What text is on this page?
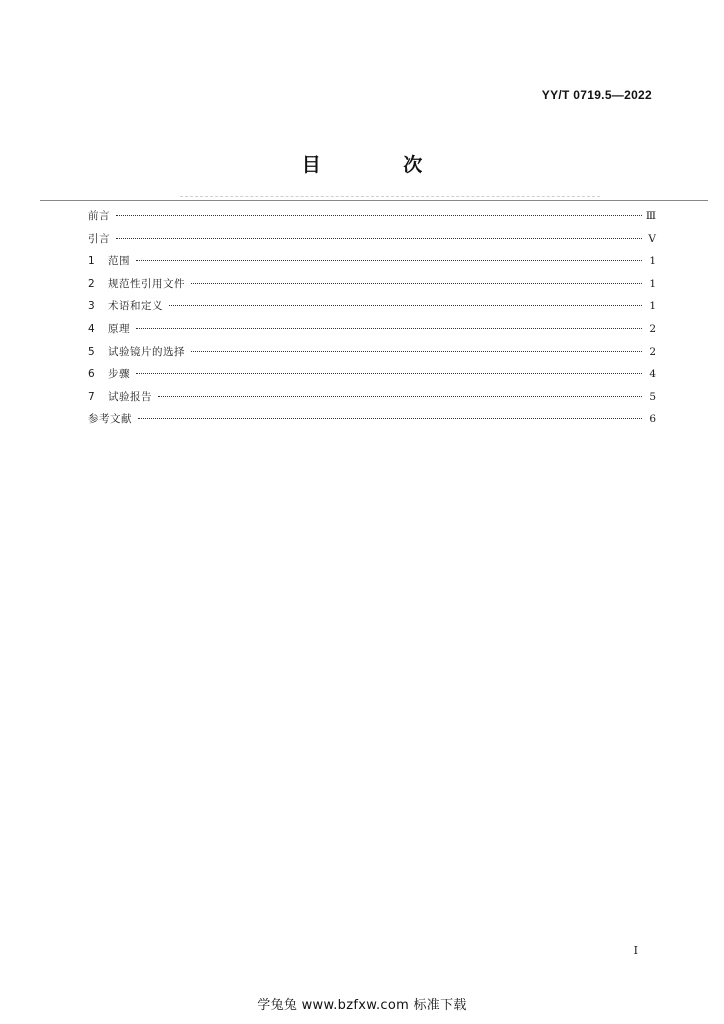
YY/T 0719.5—2022
目 次
前言	Ⅲ
引言	V
1	范围	1
2	规范性引用文件	1
3	术语和定义	1
4	原理	2
5	试验镜片的选择	2
6	步骤	4
7	试验报告	5
参考文献	6
I
学兔兔 www.bzfxw.com 标准下载
